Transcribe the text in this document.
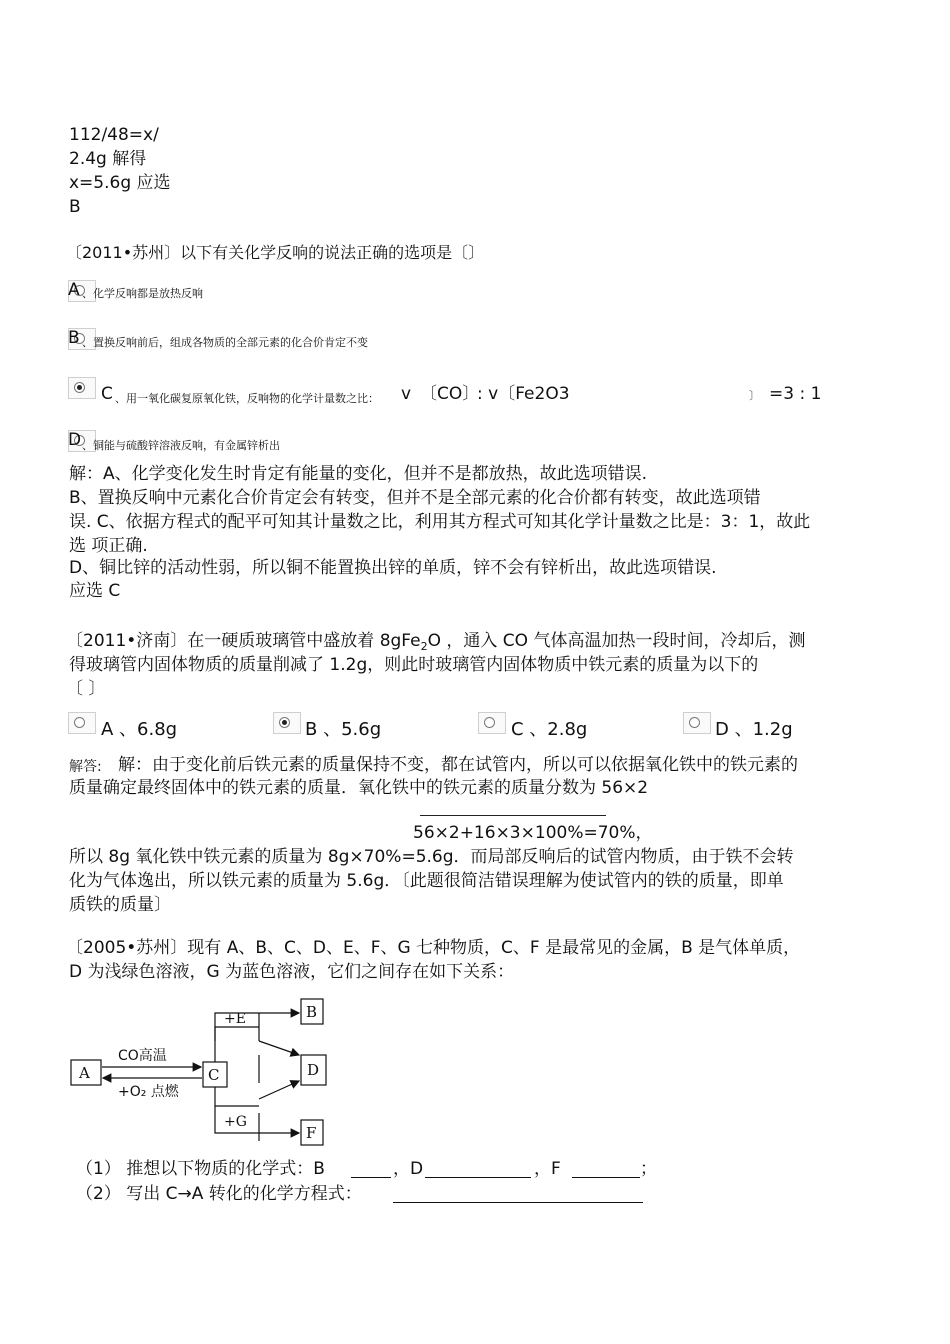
112/48=x/
2.4g 解得
x=5.6g 应选
B
〔2011•苏州〕以下有关化学反响的说法正确的选项是〔〕
A 、化学反响都是放热反响
B 、置换反响前后，组成各物质的全部元素的化合价肯定不变
C 、用一氧化碳复原氧化铁，反响物的化学计量数之比： v 〔CO〕
: v〔Fe2O3	〕 =3 : 1
D 、铜能与硫酸锌溶液反响，有金属锌析出
解：A、化学变化发生时肯定有能量的变化，但并不是都放热，故此选项错误.
B、置换反响中元素化合价肯定会有转变，但并不是全部元素的化合价都有转变，故此选项错
误. C、依据方程式的配平可知其计量数之比，利用其方程式可知其化学计量数之比是：3：1，故此
选 项正确.
D、铜比锌的活动性弱，所以铜不能置换出锌的单质，锌不会有锌析出，故此选项错误.
应选 C
〔2011•济南〕在一硬质玻璃管中盛放着 8gFe$_2$O ，通入 CO 气体高温加热一段时间，冷却后，测
得玻璃管内固体物质的质量削减了 1.2g，则此时玻璃管内固体物质中铁元素的质量为以下的
〔 〕
A 、6.8g	B 、5.6g	C 、2.8g	D 、1.2g
解答: 解：由于变化前后铁元素的质量保持不变，都在试管内，所以可以依据氧化铁中的铁元素的
质量确定最终固体中的铁元素的质量．氧化铁中的铁元素的质量分数为 56×2
56×2+16×3×100%=70%，
所以 8g 氧化铁中铁元素的质量为 8g×70%=5.6g．而局部反响后的试管内物质，由于铁不会转
化为气体逸出，所以铁元素的质量为 5.6g．〔此题很简洁错误理解为使试管内的铁的质量，即单
质铁的质量〕
〔2005•苏州〕现有 A、B、C、D、E、F、G 七种物质，C、F 是最常见的金属，B 是气体单质，
D 为浅绿色溶液，G 为蓝色溶液，它们之间存在如下关系：
A	C
B
D
F
CO高温
+O₂ 点燃
+E
+G
（1） 推想以下物质的化学式：B	，D	，F	；
（2） 写出 C→A 转化的化学方程式：
